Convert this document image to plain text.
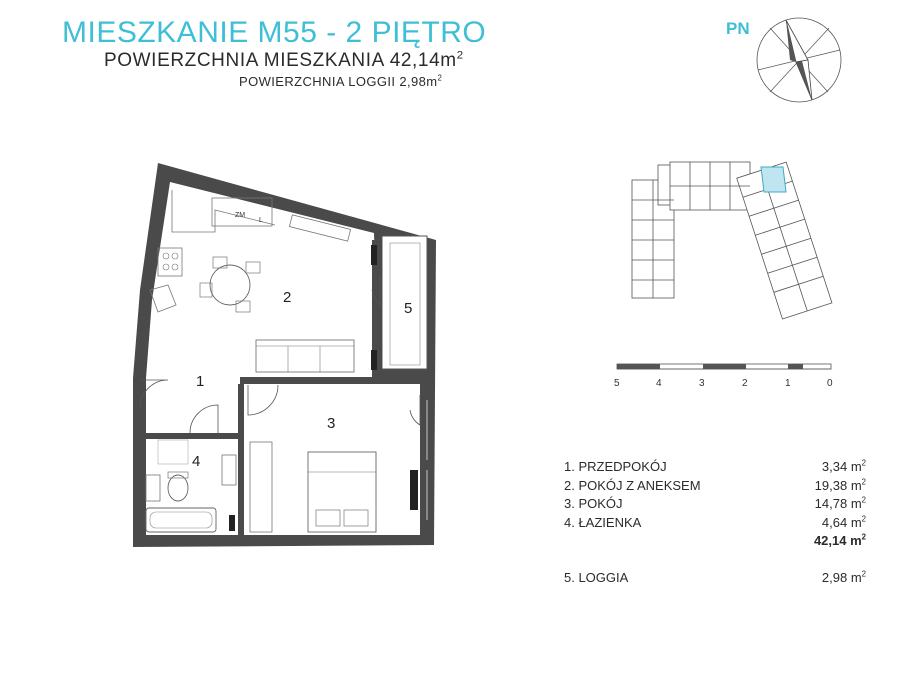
MIESZKANIE M55 - 2 PIĘTRO
POWIERZCHNIA MIESZKANIA $42,14m^2$
POWIERZCHNIA LOGGII $2,98m^2$
PN
ZM
L
1
2
3
4
5
5	4	3	2	1	0
1. PRZEDPOKÓJ	3,34 $m^2$
2. POKÓJ Z ANEKSEM	19,38 $m^2$
3. POKÓJ	14,78 $m^2$
4. ŁAZIENKA	4,64 $m^2$
42,14 $m^2$
5. LOGGIA	2,98 $m^2$
